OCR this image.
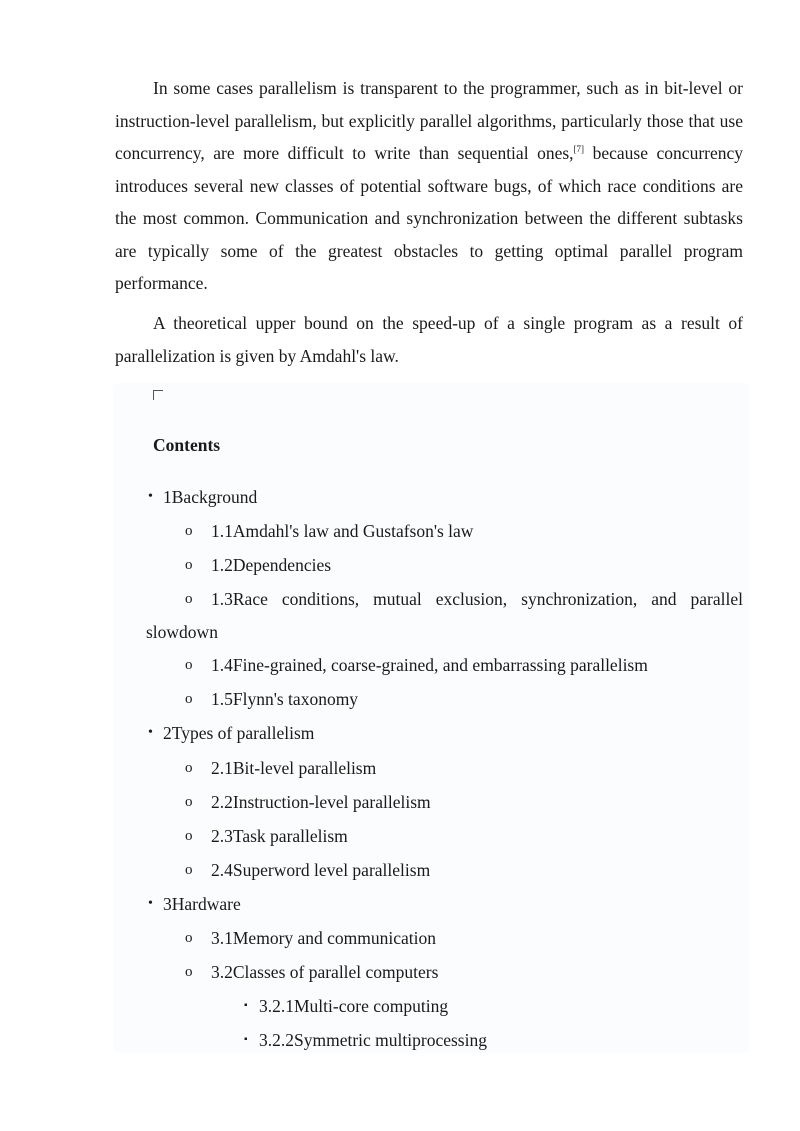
In some cases parallelism is transparent to the programmer, such as in bit-level or instruction-level parallelism, but explicitly parallel algorithms, particularly those that use concurrency, are more difficult to write than sequential ones,[7] because concurrency introduces several new classes of potential software bugs, of which race conditions are the most common. Communication and synchronization between the different subtasks are typically some of the greatest obstacles to getting optimal parallel program performance.

A theoretical upper bound on the speed-up of a single program as a result of parallelization is given by Amdahl's law.

Contents

• 1Background
o 1.1Amdahl's law and Gustafson's law
o 1.2Dependencies
o	1.3Race conditions, mutual exclusion, synchronization, and parallel slowdown

o 1.4Fine-grained, coarse-grained, and embarrassing parallelism
o 1.5Flynn's taxonomy
• 2Types of parallelism
o 2.1Bit-level parallelism
o 2.2Instruction-level parallelism
o 2.3Task parallelism
o 2.4Superword level parallelism
• 3Hardware
o 3.1Memory and communication
o 3.2Classes of parallel computers
▪ 3.2.1Multi-core computing
▪ 3.2.2Symmetric multiprocessing
